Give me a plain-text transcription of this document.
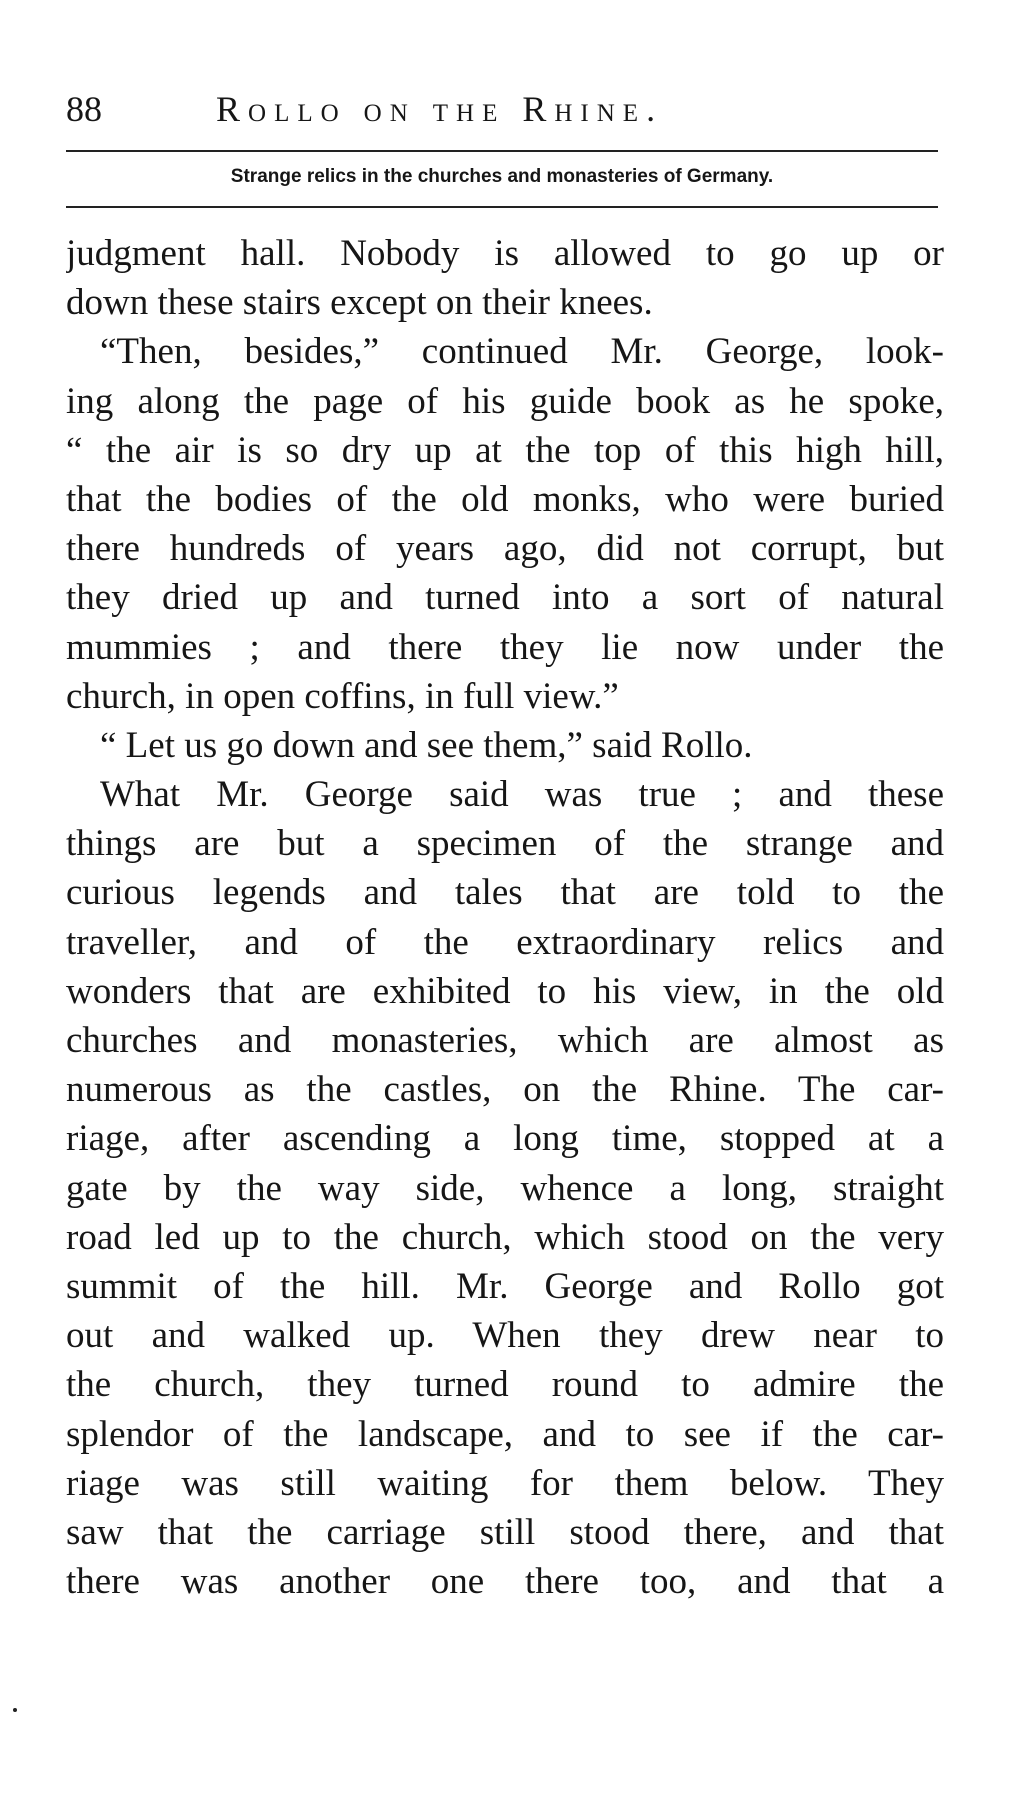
88	Rollo on the Rhine.
Strange relics in the churches and monasteries of Germany.
judgment hall. Nobody is allowed to go up or
down these stairs except on their knees.
“Then, besides,” continued Mr. George, look-
ing along the page of his guide book as he spoke,
“ the air is so dry up at the top of this high hill,
that the bodies of the old monks, who were buried
there hundreds of years ago, did not corrupt, but
they dried up and turned into a sort of natural
mummies ; and there they lie now under the
church, in open coffins, in full view.”
“ Let us go down and see them,” said Rollo.
What Mr. George said was true ; and these
things are but a specimen of the strange and
curious legends and tales that are told to the
traveller, and of the extraordinary relics and
wonders that are exhibited to his view, in the old
churches and monasteries, which are almost as
numerous as the castles, on the Rhine. The car-
riage, after ascending a long time, stopped at a
gate by the way side, whence a long, straight
road led up to the church, which stood on the very
summit of the hill. Mr. George and Rollo got
out and walked up. When they drew near to
the church, they turned round to admire the
splendor of the landscape, and to see if the car-
riage was still waiting for them below. They
saw that the carriage still stood there, and that
there was another one there too, and that a
